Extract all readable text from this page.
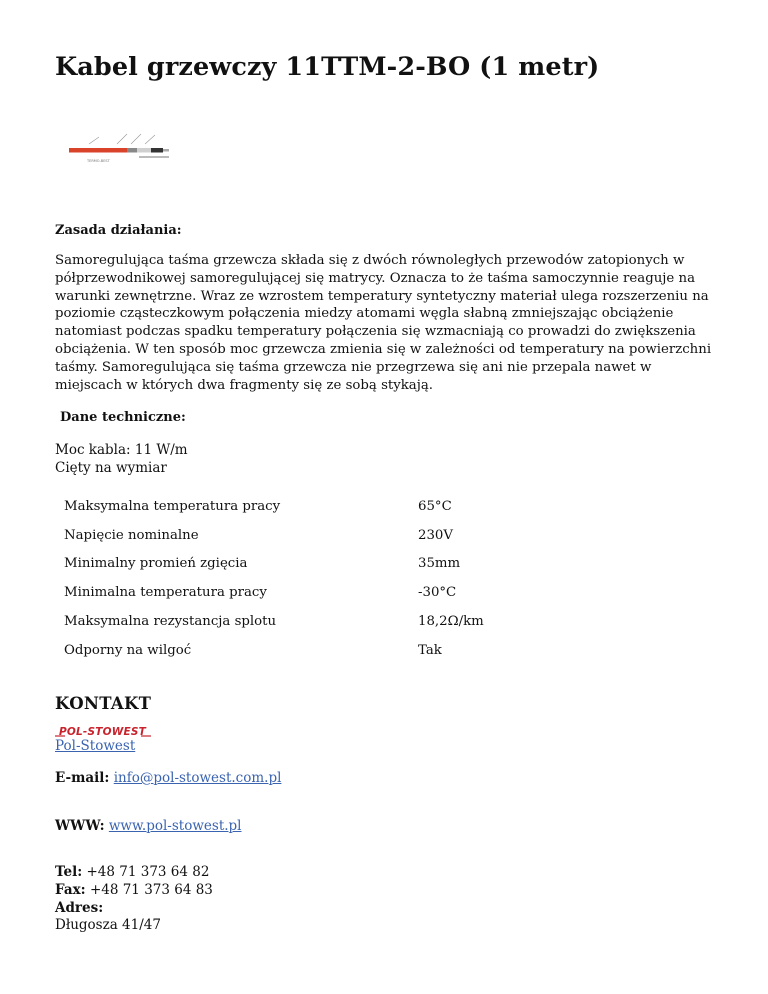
Kabel grzewczy 11TTM-2-BO (1 metr)
TERMO-BEST

Zasada działania:

Samoregulująca taśma grzewcza składa się z dwóch równoległych przewodów zatopionych w półprzewodnikowej samoregulującej się matrycy. Oznacza to że taśma samoczynnie reaguje na warunki zewnętrzne. Wraz ze wzrostem temperatury syntetyczny materiał ulega rozszerzeniu na poziomie cząsteczkowym połączenia miedzy atomami węgla słabną zmniejszając obciążenie natomiast podczas spadku temperatury połączenia się wzmacniają co prowadzi do zwiększenia obciążenia. W ten sposób moc grzewcza zmienia się w zależności od temperatury na powierzchni taśmy. Samoregulująca się taśma grzewcza nie przegrzewa się ani nie przepala nawet w miejscach w których dwa fragmenty się ze sobą stykają.

Dane techniczne:

Moc kabla: 11 W/m
Cięty na wymiar
Maksymalna temperatura pracy	65°C
Napięcie nominalne	230V
Minimalny promień zgięcia	35mm
Minimalna temperatura pracy	-30°C
Maksymalna rezystancja splotu	18,2Ω/km
Odporny na wilgoć	Tak
KONTAKT
POL-STOWEST
Pol-Stowest
E-mail: info@pol-stowest.com.pl
WWW: www.pol-stowest.pl
Tel: +48 71 373 64 82
Fax: +48 71 373 64 83
Adres:
Długosza 41/47
